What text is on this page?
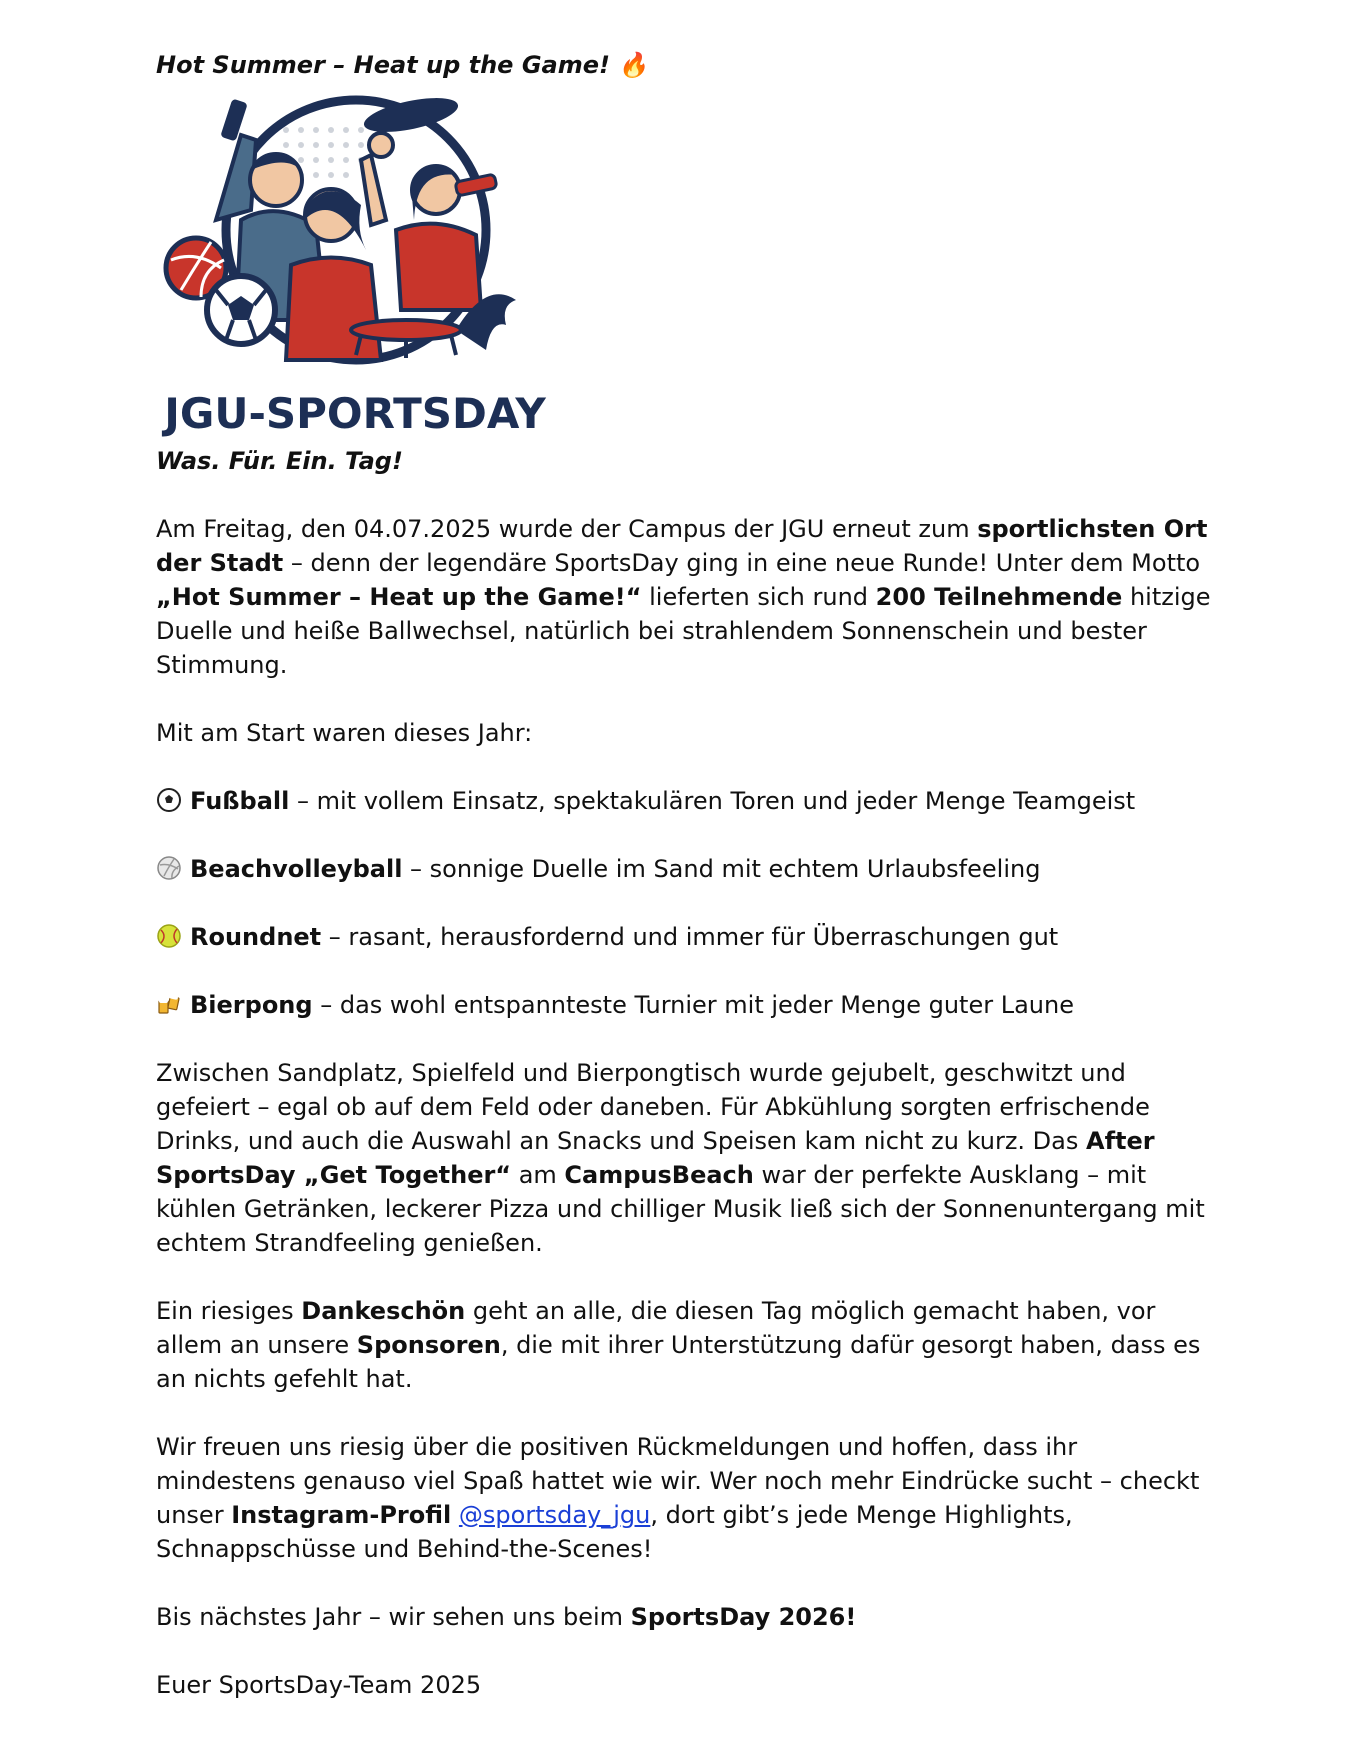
Hot Summer – Heat up the Game! 🔥

JGU-SPORTSDAY

Was. Für. Ein. Tag!

Am Freitag, den 04.07.2025 wurde der Campus der JGU erneut zum sportlichsten Ort der Stadt – denn der legendäre SportsDay ging in eine neue Runde! Unter dem Motto „Hot Summer – Heat up the Game!“ lieferten sich rund 200 Teilnehmende hitzige Duelle und heiße Ballwechsel, natürlich bei strahlendem Sonnenschein und bester Stimmung.

Mit am Start waren dieses Jahr:

Fußball – mit vollem Einsatz, spektakulären Toren und jeder Menge Teamgeist

Beachvolleyball – sonnige Duelle im Sand mit echtem Urlaubsfeeling

Roundnet – rasant, herausfordernd und immer für Überraschungen gut

Bierpong – das wohl entspannteste Turnier mit jeder Menge guter Laune

Zwischen Sandplatz, Spielfeld und Bierpongtisch wurde gejubelt, geschwitzt und gefeiert – egal ob auf dem Feld oder daneben. Für Abkühlung sorgten erfrischende Drinks, und auch die Auswahl an Snacks und Speisen kam nicht zu kurz. Das After SportsDay „Get Together“ am CampusBeach war der perfekte Ausklang – mit kühlen Getränken, leckerer Pizza und chilliger Musik ließ sich der Sonnenuntergang mit echtem Strandfeeling genießen.

Ein riesiges Dankeschön geht an alle, die diesen Tag möglich gemacht haben, vor allem an unsere Sponsoren, die mit ihrer Unterstützung dafür gesorgt haben, dass es an nichts gefehlt hat.

Wir freuen uns riesig über die positiven Rückmeldungen und hoffen, dass ihr mindestens genauso viel Spaß hattet wie wir. Wer noch mehr Eindrücke sucht – checkt unser Instagram-Profil @sportsday_jgu, dort gibt’s jede Menge Highlights, Schnappschüsse und Behind-the-Scenes!

Bis nächstes Jahr – wir sehen uns beim SportsDay 2026!

Euer SportsDay-Team 2025
